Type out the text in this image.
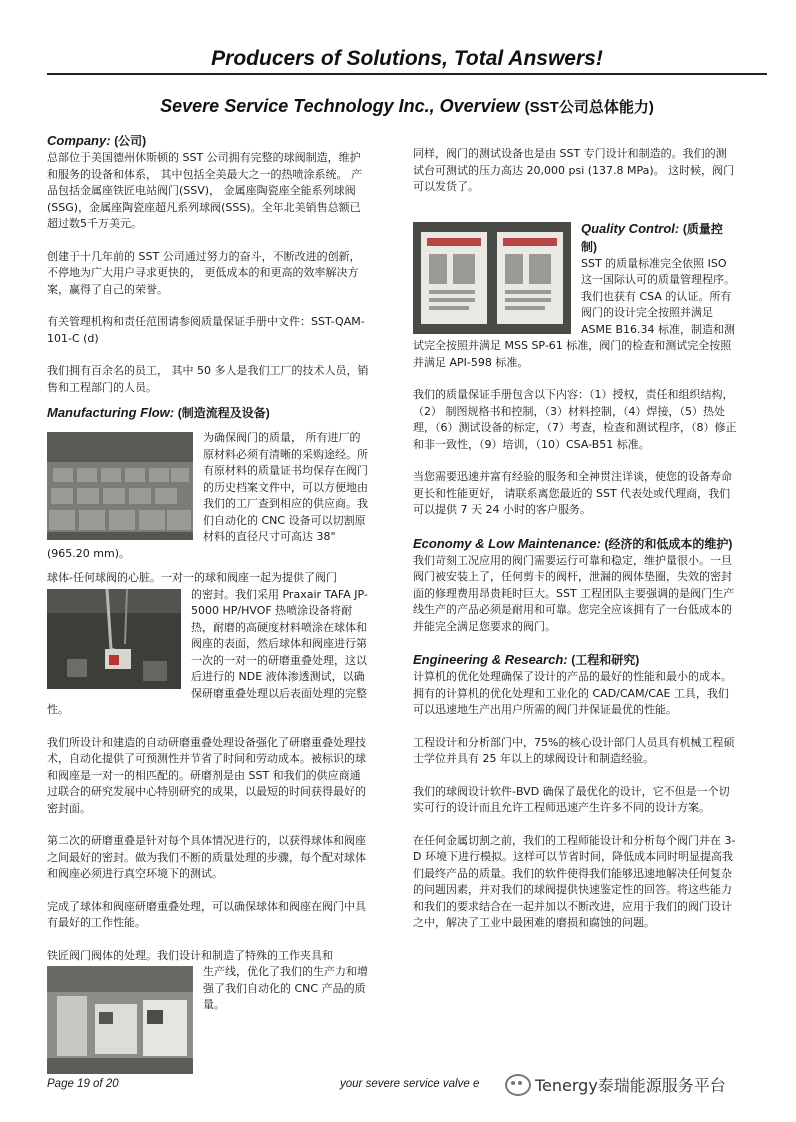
Producers of Solutions, Total Answers!
Severe Service Technology Inc., Overview (SST公司总体能力)
Company: (公司)

总部位于美国德州休斯顿的 SST 公司拥有完整的球阀制造，维护和服务的设备和体系， 其中包括全美最大之一的热喷涂系统。 产品包括金属座铁匠电站阀门(SSV)， 金属座陶瓷座全能系列球阀(SSG)，金属座陶瓷座超凡系列球阀(SSS)。全年北美销售总额已超过数5千万美元。

创建于十几年前的 SST 公司通过努力的奋斗，不断改进的创新，不停地为广大用户寻求更快的， 更低成本的和更高的效率解决方案，赢得了自己的荣誉。

有关管理机构和责任范围请参阅质量保证手册中文件：SST-QAM-101-C (d)

我们拥有百余名的员工， 其中 50 多人是我们工厂的技术人员，销售和工程部门的人员。

Manufacturing Flow: (制造流程及设备)

为确保阀门的质量， 所有进厂的原材料必须有清晰的采购途经。所有原材料的质量证书均保存在阀门的历史档案文件中，可以方便地由我们的工厂查到相应的供应商。我们自动化的 CNC 设备可以切割原材料的直径尺寸可高达 38" (965.20 mm)。

球体-任何球阀的心脏。一对一的球和阀座一起为提供了阀门

的密封。我们采用 Praxair TAFA JP-5000 HP/HVOF 热喷涂设备将耐热，耐磨的高硬度材料喷涂在球体和阀座的表面，然后球体和阀座进行第一次的一对一的研磨重叠处理，这以后进行的 NDE 液体渗透测试，以确保研磨重叠处理以后表面处理的完整性。

我们所设计和建造的自动研磨重叠处理设备强化了研磨重叠处理技术，自动化提供了可预测性并节省了时间和劳动成本。被标识的球和阀座是一对一的相匹配的。研磨剂是由 SST 和我们的供应商通过联合的研究发展中心特别研究的成果，以最短的时间获得最好的密封面。

第二次的研磨重叠是针对每个具体情况进行的，以获得球体和阀座之间最好的密封。做为我们不断的质量处理的步骤，每个配对球体和阀座必须进行真空环境下的测试。

完成了球体和阀座研磨重叠处理，可以确保球体和阀座在阀门中具有最好的工作性能。

铁匠阀门阀体的处理。我们设计和制造了特殊的工作夹具和

生产线，优化了我们的生产力和增强了我们自动化的 CNC 产品的质量。

同样，阀门的测试设备也是由 SST 专门设计和制造的。我们的测试台可测试的压力高达 20,000 psi (137.8 MPa)。 这时候，阀门可以发货了。

Quality Control: (质量控制)

SST 的质量标准完全依照 ISO 这一国际认可的质量管理程序。我们也获有 CSA 的认证。所有阀门的设计完全按照并满足 ASME B16.34 标准，制造和测试完全按照并满足 MSS SP-61 标准，阀门的检查和测试完全按照并满足 API-598 标准。

我们的质量保证手册包含以下内容：（1）授权，责任和组织结构，（2） 制图规格书和控制，（3）材料控制，（4）焊接，（5）热处理，（6）测试设备的标定，（7）考查，检查和测试程序，（8）修正和非一致性，（9）培训，（10）CSA-B51 标准。

当您需要迅速并富有经验的服务和全神贯注详谈，使您的设备寿命更长和性能更好， 请联系离您最近的 SST 代表处或代理商，我们可以提供 7 天 24 小时的客户服务。

Economy & Low Maintenance: (经济的和低成本的维护)

我们苛刻工况应用的阀门需要运行可靠和稳定，维护量很小。一旦阀门被安装上了，任何剪卡的阀杆，泄漏的阀体垫圈，失效的密封面的修理费用昂贵耗时巨大。SST 工程团队主要强调的是阀门生产线生产的产品必须是耐用和可靠。您完全应该拥有了一台低成本的并能完全满足您要求的阀门。

Engineering & Research: (工程和研究)

计算机的优化处理确保了设计的产品的最好的性能和最小的成本。拥有的计算机的优化处理和工业化的 CAD/CAM/CAE 工具，我们可以迅速地生产出用户所需的阀门并保证最优的性能。

工程设计和分析部门中，75%的核心设计部门人员具有机械工程硕士学位并具有 25 年以上的球阀设计和制造经验。

我们的球阀设计软件-BVD 确保了最优化的设计，它不但是一个切实可行的设计而且允许工程师迅速产生许多不同的设计方案。

在任何金属切割之前，我们的工程师能设计和分析每个阀门并在 3-D 环境下进行模拟。这样可以节省时间，降低成本同时明显提高我们最终产品的质量。我们的软件使得我们能够迅速地解决任何复杂的问题因素，并对我们的球阀提供快速鉴定性的回答。将这些能力和我们的要求结合在一起并加以不断改进，应用于我们的阀门设计之中，解决了工业中最困难的磨损和腐蚀的问题。

Page 19 of 20	your severe service valve e	Tenergy泰瑞能源服务平台
